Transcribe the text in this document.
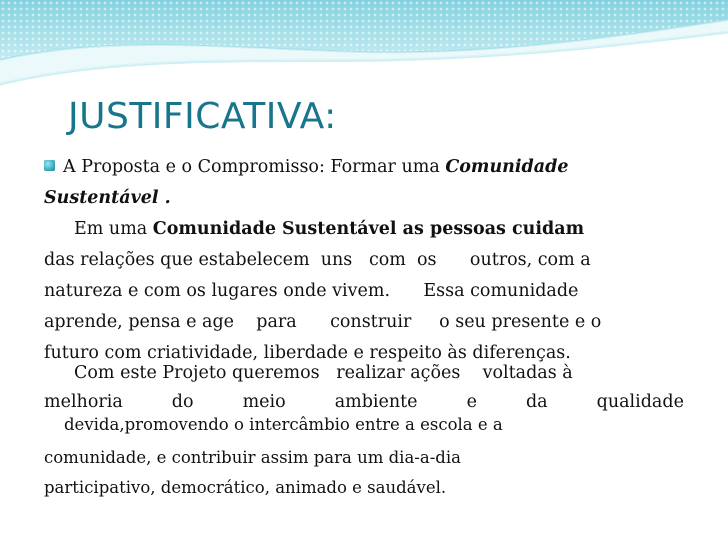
JUSTIFICATIVA:
A Proposta e o Compromisso: Formar uma Comunidade
Sustentável .
Em uma Comunidade Sustentável as pessoas cuidam
das relações que estabelecem  uns   com  os      outros, com a
natureza e com os lugares onde vivem.      Essa comunidade
aprende, pensa e age    para      construir     o seu presente e o
futuro com criatividade, liberdade e respeito às diferenças.
Com este Projeto queremos   realizar ações    voltadas à
melhoria	do	meio	ambiente	e	da	qualidade
devida,promovendo o intercâmbio entre a escola e a
comunidade, e contribuir assim para um dia-a-dia
participativo, democrático, animado e saudável.
